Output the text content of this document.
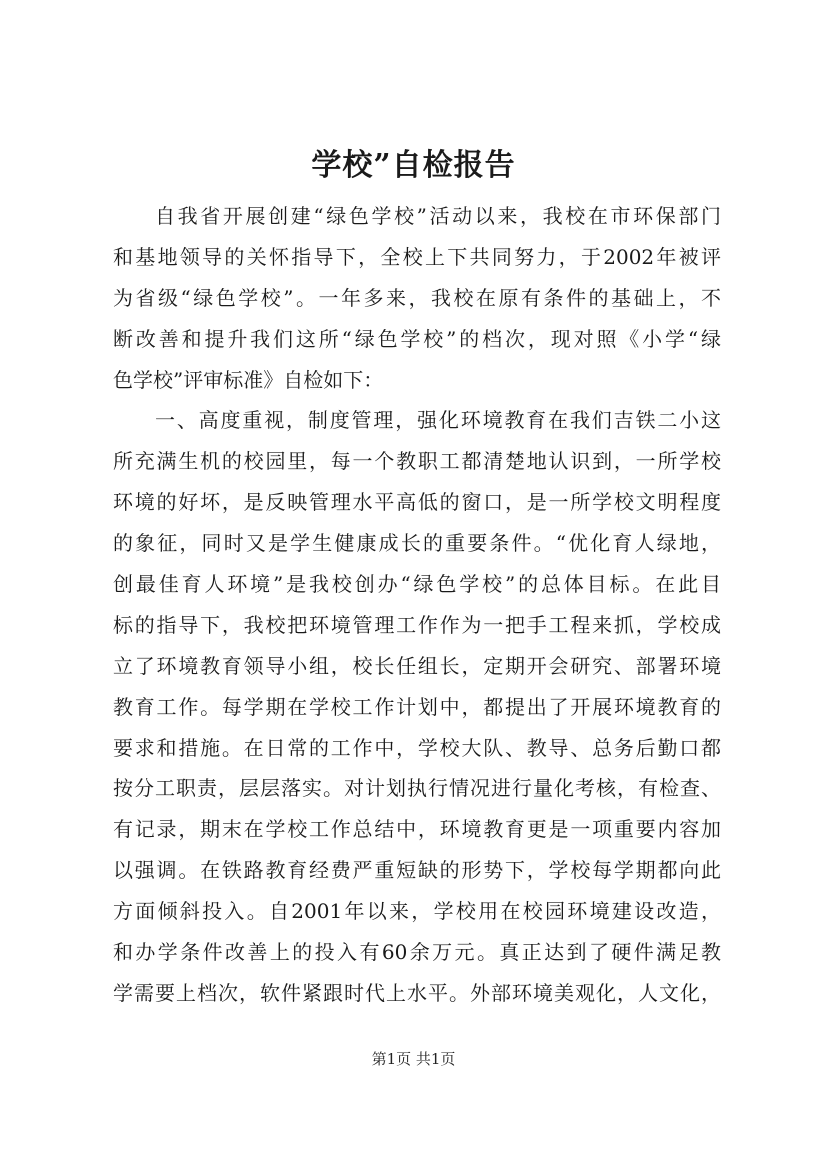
学校”自检报告
自我省开展创建“绿色学校”活动以来，我校在市环保部门
和基地领导的关怀指导下，全校上下共同努力，于2002年被评
为省级“绿色学校”。一年多来，我校在原有条件的基础上，不
断改善和提升我们这所“绿色学校”的档次，现对照《小学“绿
色学校”评审标准》自检如下：
一、高度重视，制度管理，强化环境教育在我们吉铁二小这
所充满生机的校园里，每一个教职工都清楚地认识到，一所学校
环境的好坏，是反映管理水平高低的窗口，是一所学校文明程度
的象征，同时又是学生健康成长的重要条件。“优化育人绿地，
创最佳育人环境”是我校创办“绿色学校”的总体目标。在此目
标的指导下，我校把环境管理工作作为一把手工程来抓，学校成
立了环境教育领导小组，校长任组长，定期开会研究、部署环境
教育工作。每学期在学校工作计划中，都提出了开展环境教育的
要求和措施。在日常的工作中，学校大队、教导、总务后勤口都
按分工职责，层层落实。对计划执行情况进行量化考核，有检查、
有记录，期末在学校工作总结中，环境教育更是一项重要内容加
以强调。在铁路教育经费严重短缺的形势下，学校每学期都向此
方面倾斜投入。自2001年以来，学校用在校园环境建设改造，
和办学条件改善上的投入有60余万元。真正达到了硬件满足教
学需要上档次，软件紧跟时代上水平。外部环境美观化，人文化，
第1页 共1页
